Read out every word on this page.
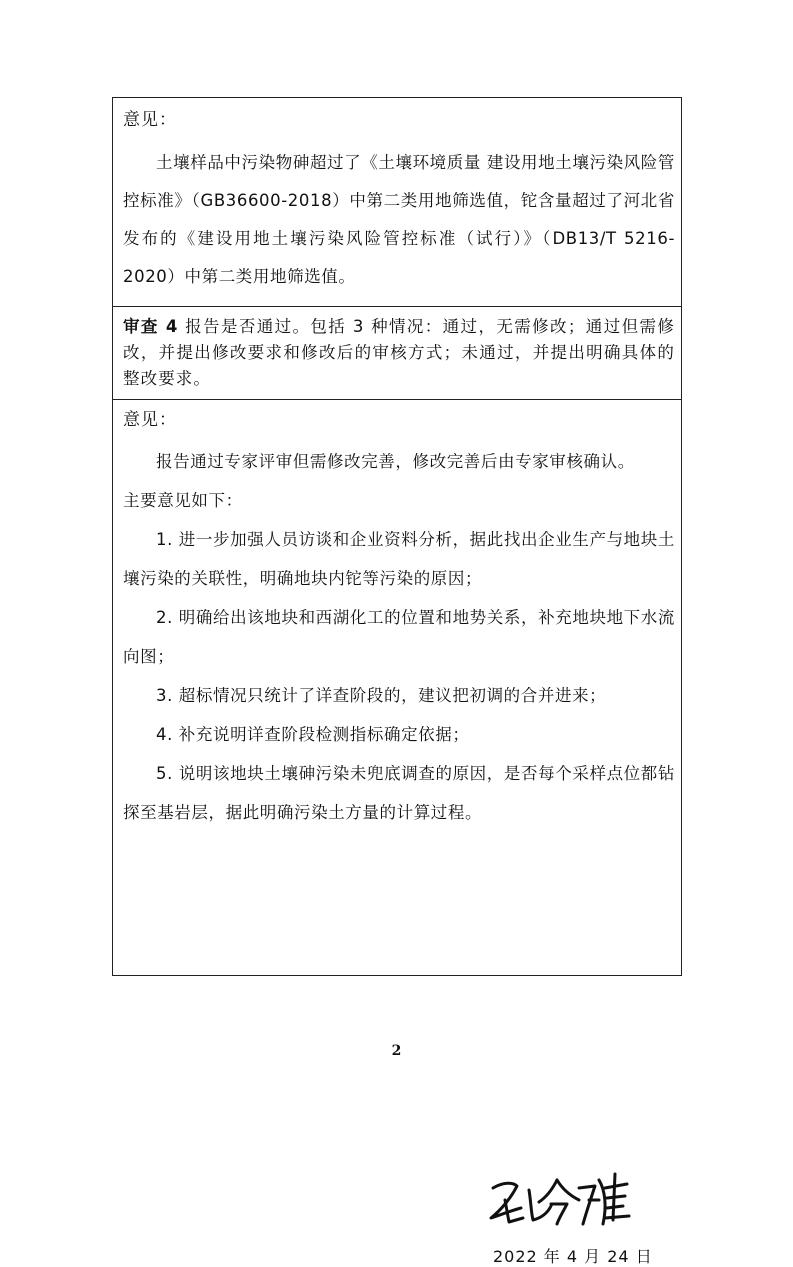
意见：

土壤样品中污染物砷超过了《土壤环境质量 建设用地土壤污染风险管控标准》（GB36600-2018）中第二类用地筛选值，铊含量超过了河北省发布的《建设用地土壤污染风险管控标准（试行）》（DB13/T 5216-2020）中第二类用地筛选值。

审查 4 报告是否通过。包括 3 种情况：通过，无需修改；通过但需修改，并提出修改要求和修改后的审核方式；未通过，并提出明确具体的整改要求。

意见：

报告通过专家评审但需修改完善，修改完善后由专家审核确认。

主要意见如下：

1. 进一步加强人员访谈和企业资料分析，据此找出企业生产与地块土壤污染的关联性，明确地块内铊等污染的原因；

2. 明确给出该地块和西湖化工的位置和地势关系，补充地块地下水流向图；

3. 超标情况只统计了详查阶段的，建议把初调的合并进来；

4. 补充说明详查阶段检测指标确定依据；

5. 说明该地块土壤砷污染未兜底调查的原因，是否每个采样点位都钻探至基岩层，据此明确污染土方量的计算过程。

2022 年 4 月 24 日
2
